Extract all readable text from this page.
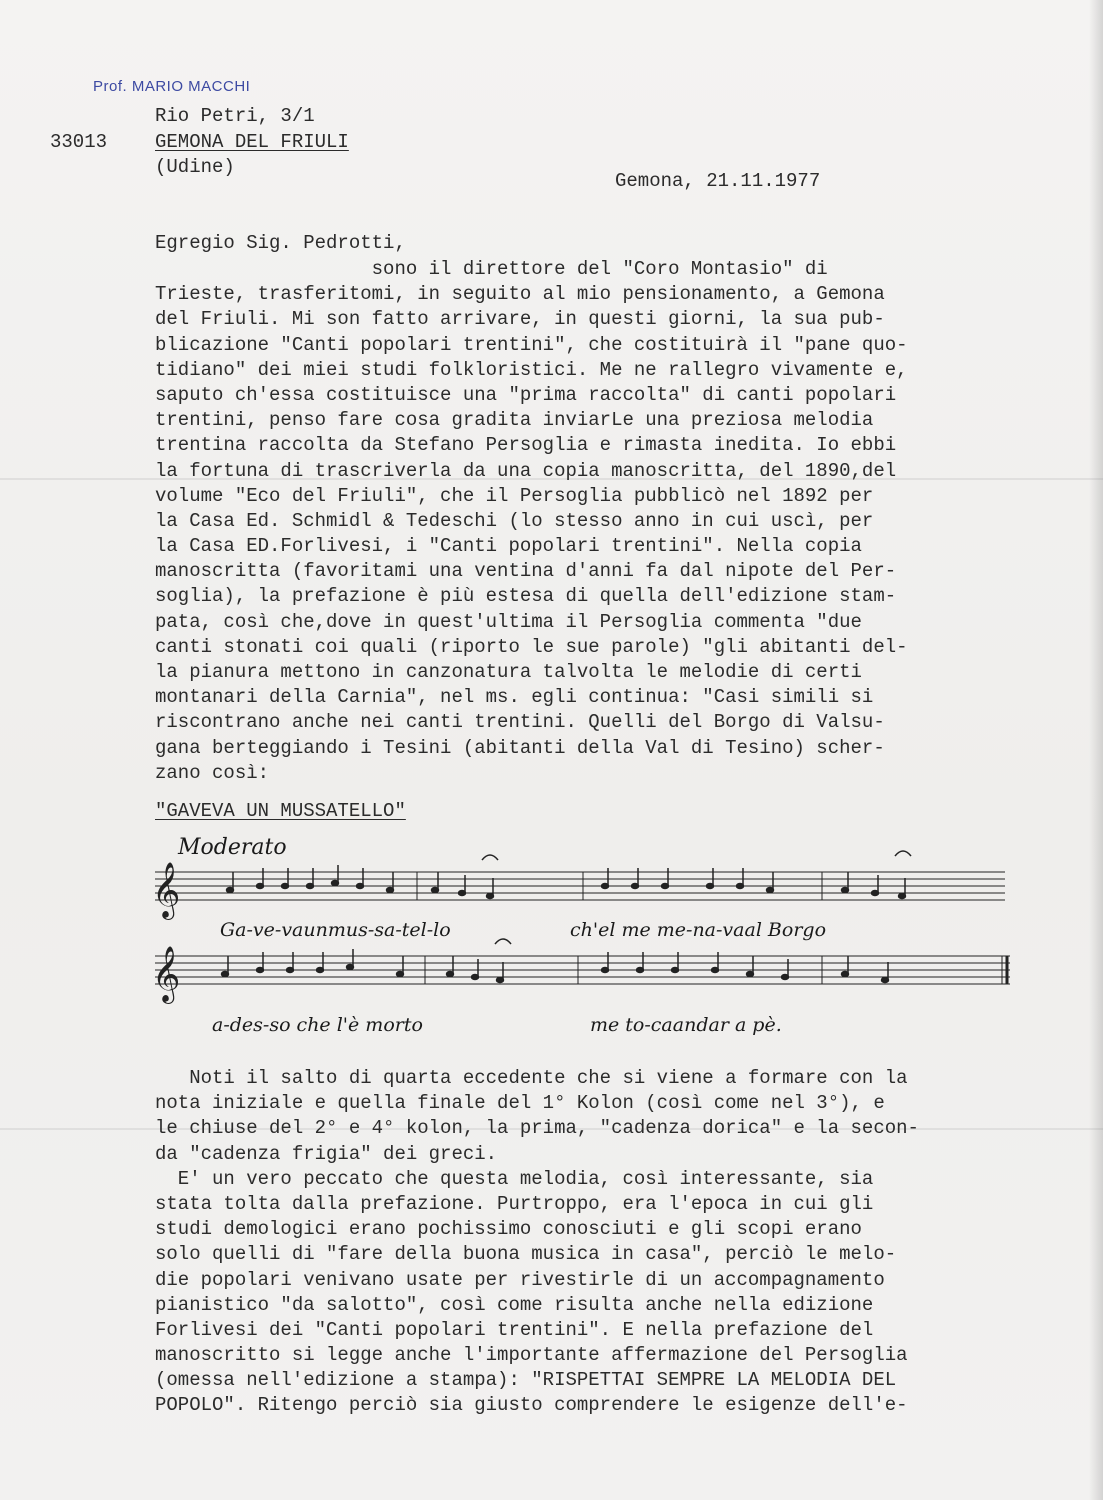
Prof. MARIO MACCHI
Rio Petri, 3/1
33013	GEMONA DEL FRIULI
(Udine)
Gemona, 21.11.1977
Egregio Sig. Pedrotti,
sono il direttore del "Coro Montasio" di
Trieste, trasferitomi, in seguito al mio pensionamento, a Gemona
del Friuli. Mi son fatto arrivare, in questi giorni, la sua pub-
blicazione "Canti popolari trentini", che costituirà il "pane quo-
tidiano" dei miei studi folkloristici. Me ne rallegro vivamente e,
saputo ch'essa costituisce una "prima raccolta" di canti popolari
trentini, penso fare cosa gradita inviarLe una preziosa melodia
trentina raccolta da Stefano Persoglia e rimasta inedita. Io ebbi
la fortuna di trascriverla da una copia manoscritta, del 1890,del
volume "Eco del Friuli", che il Persoglia pubblicò nel 1892 per
la Casa Ed. Schmidl & Tedeschi (lo stesso anno in cui uscì, per
la Casa ED.Forlivesi, i "Canti popolari trentini". Nella copia
manoscritta (favoritami una ventina d'anni fa dal nipote del Per-
soglia), la prefazione è più estesa di quella dell'edizione stam-
pata, così che,dove in quest'ultima il Persoglia commenta "due
canti stonati coi quali (riporto le sue parole) "gli abitanti del-
la pianura mettono in canzonatura talvolta le melodie di certi
montanari della Carnia", nel ms. egli continua: "Casi simili si
riscontrano anche nei canti trentini. Quelli del Borgo di Valsu-
gana berteggiando i Tesini (abitanti della Val di Tesino) scher-
zano così:
"GAVEVA UN MUSSATELLO"
Moderato
𝄞
Ga-ve-vaunmus-sa-tel-lo	ch'el me me-na-vaal Borgo
𝄞
a-des-so che l'è morto	me to-caandar a pè.
Noti il salto di quarta eccedente che si viene a formare con la
nota iniziale e quella finale del 1° Kolon (così come nel 3°), e
le chiuse del 2° e 4° kolon, la prima, "cadenza dorica" e la secon-
da "cadenza frigia" dei greci.
E' un vero peccato che questa melodia, così interessante, sia
stata tolta dalla prefazione. Purtroppo, era l'epoca in cui gli
studi demologici erano pochissimo conosciuti e gli scopi erano
solo quelli di "fare della buona musica in casa", perciò le melo-
die popolari venivano usate per rivestirle di un accompagnamento
pianistico "da salotto", così come risulta anche nella edizione
Forlivesi dei "Canti popolari trentini". E nella prefazione del
manoscritto si legge anche l'importante affermazione del Persoglia
(omessa nell'edizione a stampa): "RISPETTAI SEMPRE LA MELODIA DEL
POPOLO". Ritengo perciò sia giusto comprendere le esigenze dell'e-
